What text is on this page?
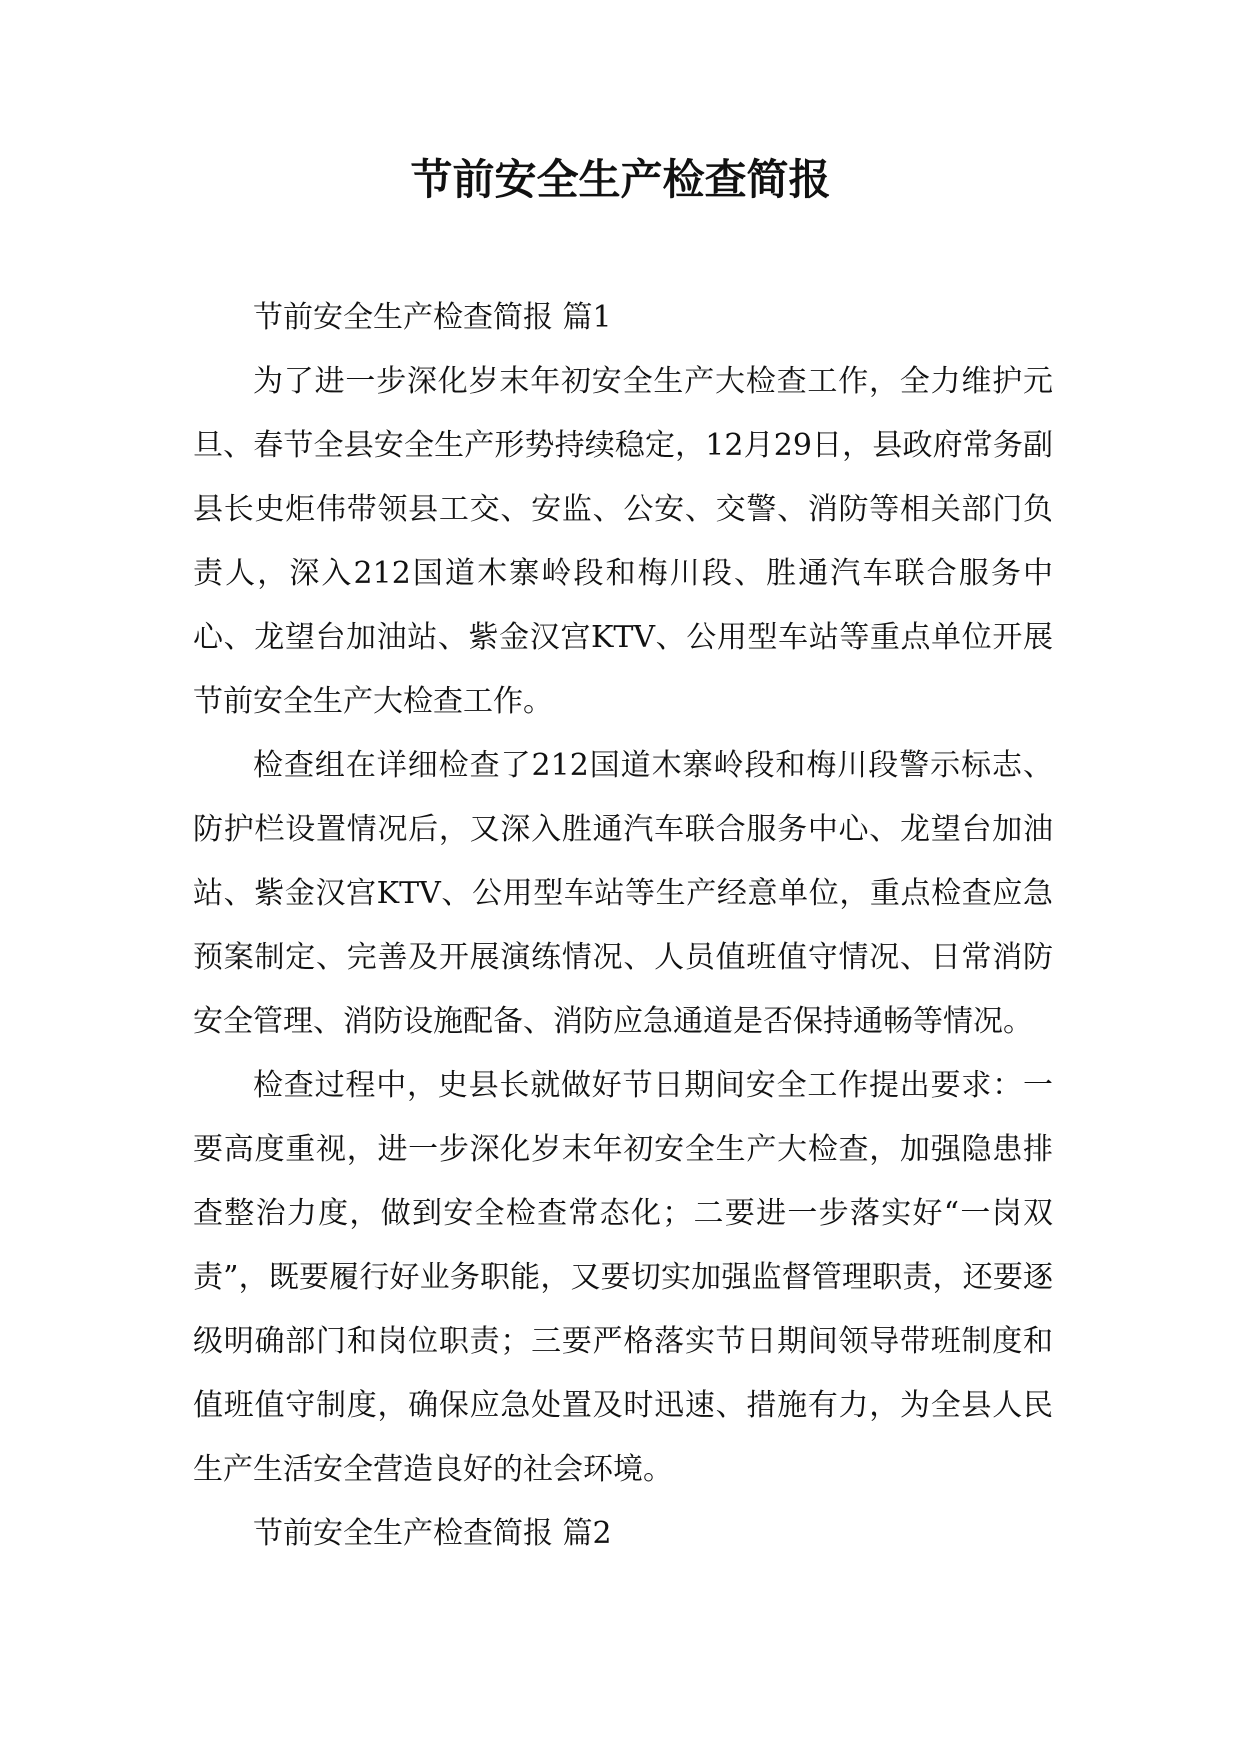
节前安全生产检查简报

节前安全生产检查简报 篇1

为了进一步深化岁末年初安全生产大检查工作，全力维护元旦、春节全县安全生产形势持续稳定，12月29日，县政府常务副县长史炬伟带领县工交、安监、公安、交警、消防等相关部门负责人，深入212国道木寨岭段和梅川段、胜通汽车联合服务中心、龙望台加油站、紫金汉宫KTV、公用型车站等重点单位开展节前安全生产大检查工作。

检查组在详细检查了212国道木寨岭段和梅川段警示标志、防护栏设置情况后，又深入胜通汽车联合服务中心、龙望台加油站、紫金汉宫KTV、公用型车站等生产经意单位，重点检查应急预案制定、完善及开展演练情况、人员值班值守情况、日常消防安全管理、消防设施配备、消防应急通道是否保持通畅等情况。

检查过程中，史县长就做好节日期间安全工作提出要求：一要高度重视，进一步深化岁末年初安全生产大检查，加强隐患排查整治力度，做到安全检查常态化；二要进一步落实好“一岗双责”，既要履行好业务职能，又要切实加强监督管理职责，还要逐级明确部门和岗位职责；三要严格落实节日期间领导带班制度和值班值守制度，确保应急处置及时迅速、措施有力，为全县人民生产生活安全营造良好的社会环境。

节前安全生产检查简报 篇2
